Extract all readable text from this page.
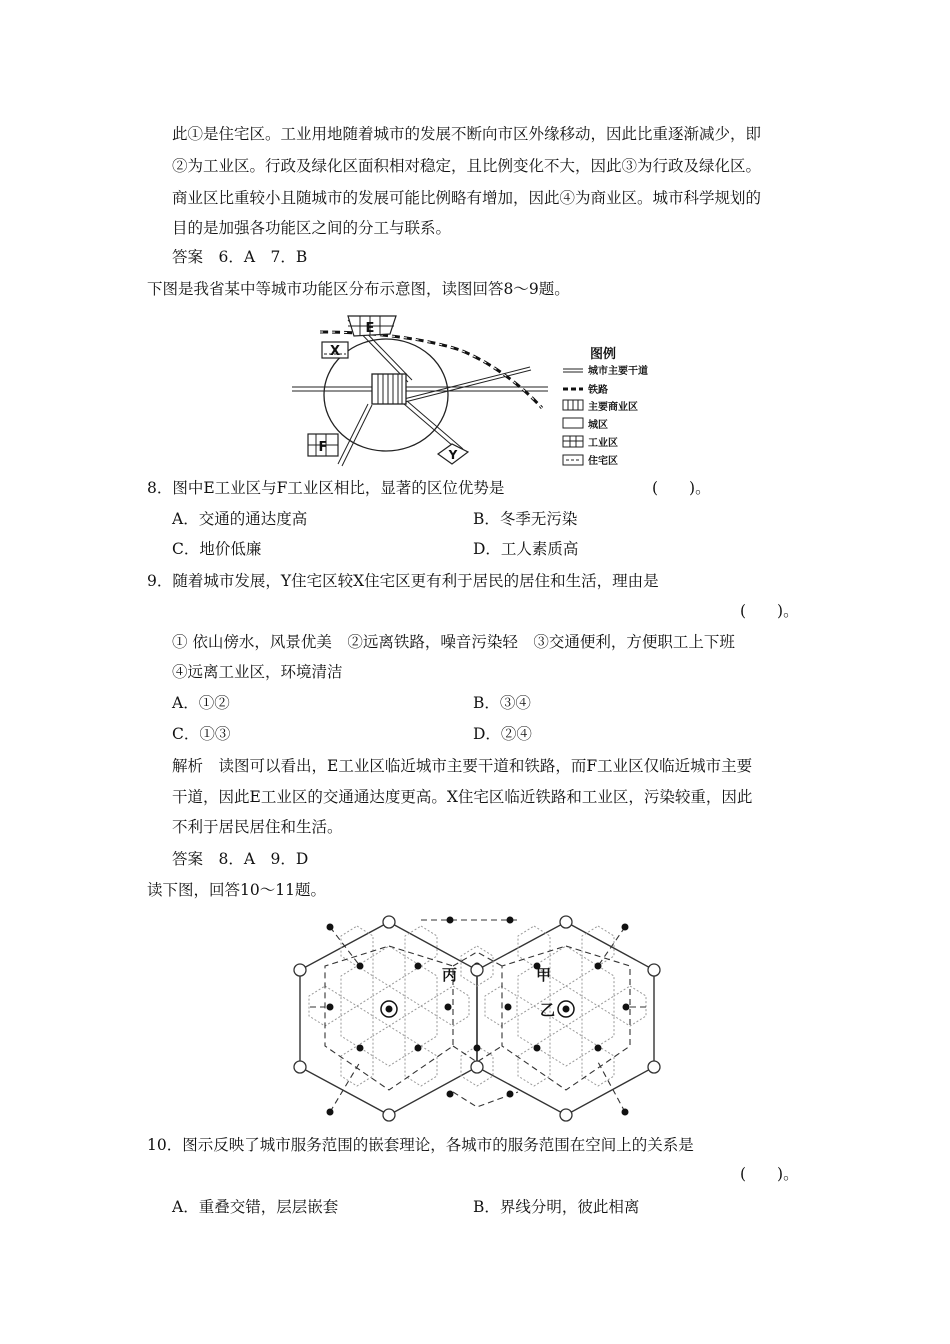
此①是住宅区。工业用地随着城市的发展不断向市区外缘移动，因此比重逐渐减少，即
②为工业区。行政及绿化区面积相对稳定，且比例变化不大，因此③为行政及绿化区。
商业区比重较小且随城市的发展可能比例略有增加，因此④为商业区。城市科学规划的
目的是加强各功能区之间的分工与联系。
答案　6．A　7．B
下图是我省某中等城市功能区分布示意图，读图回答8～9题。
E
X
F	Y
图例
城市主要干道
铁路
主要商业区
城区
工业区
住宅区
8．图中E工业区与F工业区相比，显著的区位优势是	(　　)。
A．交通的通达度高	B．冬季无污染
C．地价低廉	D．工人素质高
9．随着城市发展，Y住宅区较X住宅区更有利于居民的居住和生活，理由是
(　　)。
① 依山傍水，风景优美　②远离铁路，噪音污染轻　③交通便利，方便职工上下班
④远离工业区，环境清洁
A．①②	B．③④
C．①③	D．②④
解析　读图可以看出，E工业区临近城市主要干道和铁路，而F工业区仅临近城市主要
干道，因此E工业区的交通通达度更高。X住宅区临近铁路和工业区，污染较重，因此
不利于居民居住和生活。
答案　8．A　9．D
读下图，回答10～11题。
丙	甲
乙
10．图示反映了城市服务范围的嵌套理论，各城市的服务范围在空间上的关系是
(　　)。
A．重叠交错，层层嵌套	B．界线分明，彼此相离
